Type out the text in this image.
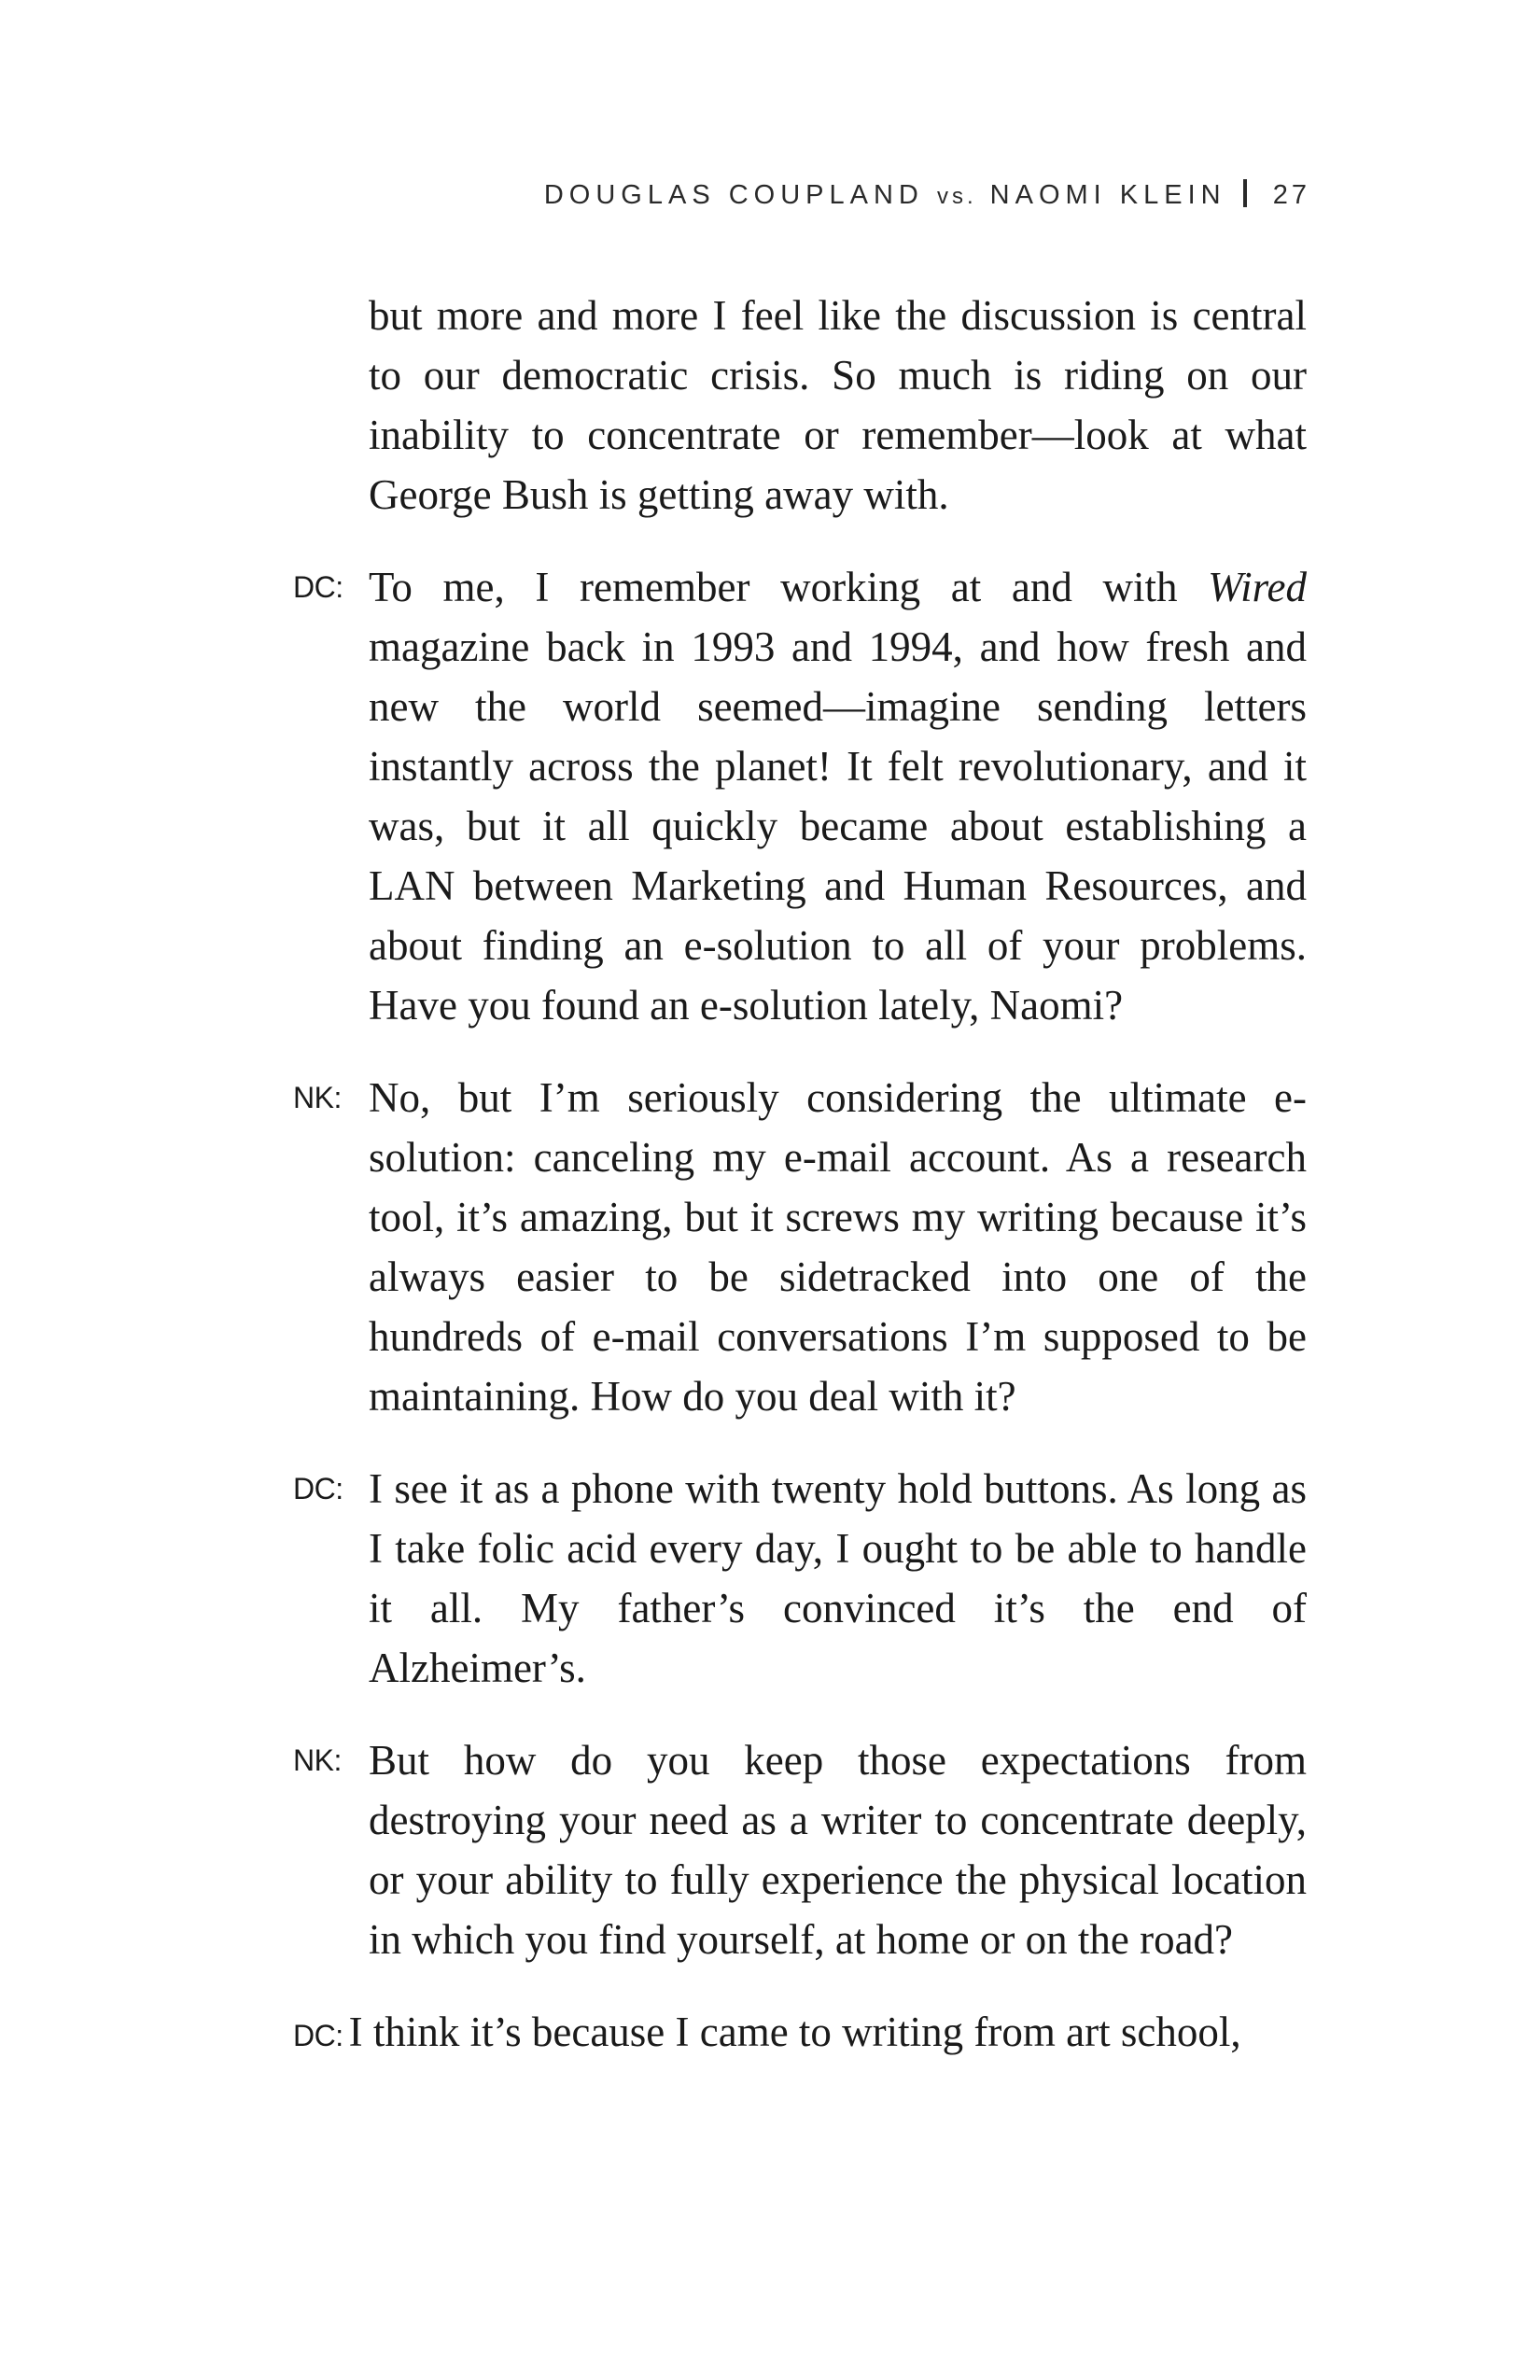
DOUGLAS COUPLAND vs. NAOMI KLEIN 27

but more and more I feel like the discussion is central to our democratic crisis. So much is riding on our inability to concentrate or remember—look at what George Bush is getting away with.

DC: To me, I remember working at and with Wired magazine back in 1993 and 1994, and how fresh and new the world seemed—imagine sending letters instantly across the planet! It felt revolutionary, and it was, but it all quickly became about establishing a LAN between Marketing and Human Resources, and about finding an e-solution to all of your problems. Have you found an e-solution lately, Naomi?

NK: No, but I’m seriously considering the ultimate e-solution: canceling my e-mail account. As a research tool, it’s amazing, but it screws my writing because it’s always easier to be sidetracked into one of the hundreds of e-mail conversations I’m supposed to be maintaining. How do you deal with it?

DC: I see it as a phone with twenty hold buttons. As long as I take folic acid every day, I ought to be able to handle it all. My father’s convinced it’s the end of Alzheimer’s.

NK: But how do you keep those expectations from destroying your need as a writer to concentrate deeply, or your ability to fully experience the physical location in which you find yourself, at home or on the road?

DC: I think it’s because I came to writing from art school,
